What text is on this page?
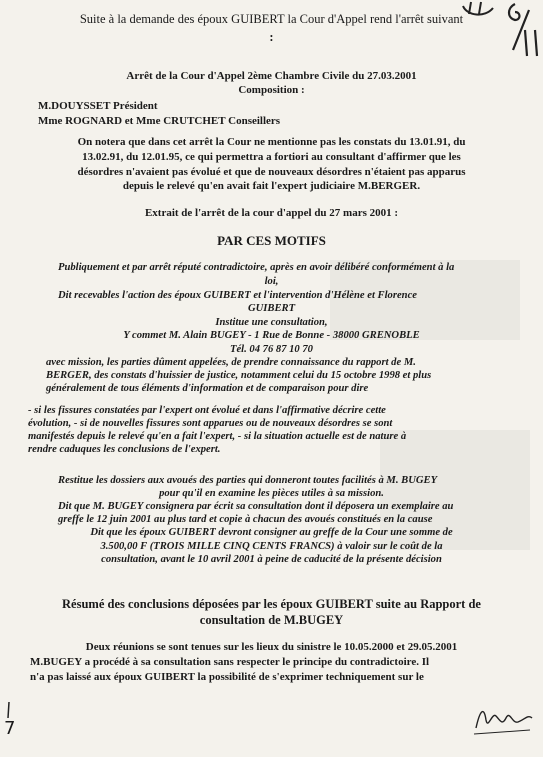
Suite à la demande des époux GUIBERT la Cour d'Appel rend l'arrêt suivant
:
Arrêt de la Cour d'Appel 2ème Chambre Civile du 27.03.2001
Composition :
M.DOUYSSET Président
Mme ROGNARD et Mme CRUTCHET Conseillers
On notera que dans cet arrêt la Cour ne mentionne pas les constats du 13.01.91, du
13.02.91, du 12.01.95, ce qui permettra a fortiori au consultant d'affirmer que les
désordres n'avaient pas évolué et que de nouveaux désordres n'étaient pas apparus
depuis le relevé qu'en avait fait l'expert judiciaire M.BERGER.
Extrait de l'arrêt de la cour d'appel du 27 mars 2001 :
PAR CES MOTIFS
Publiquement et par arrêt réputé contradictoire, après en avoir délibéré conformément à la
loi,
Dit recevables l'action des époux GUIBERT et l'intervention d'Hélène et Florence
GUIBERT
Institue une consultation,
Y commet M. Alain BUGEY - 1 Rue de Bonne - 38000 GRENOBLE
Tél. 04 76 87 10 70
avec mission, les parties dûment appelées, de prendre connaissance du rapport de M.
BERGER, des constats d'huissier de justice, notamment celui du 15 octobre 1998 et plus
généralement de tous éléments d'information et de comparaison pour dire
- si les fissures constatées par l'expert ont évolué et dans l'affirmative décrire cette
évolution, - si de nouvelles fissures sont apparues ou de nouveaux désordres se sont
manifestés depuis le relevé qu'en a fait l'expert, - si la situation actuelle est de nature à
rendre caduques les conclusions de l'expert.
Restitue les dossiers aux avoués des parties qui donneront toutes facilités à M. BUGEY
pour qu'il en examine les pièces utiles à sa mission.
Dit que M. BUGEY consignera par écrit sa consultation dont il déposera un exemplaire au
greffe le 12 juin 2001 au plus tard et copie à chacun des avoués constitués en la cause
Dit que les époux GUIBERT devront consigner au greffe de la Cour une somme de
3.500,00 F (TROIS MILLE CINQ CENTS FRANCS) à valoir sur le coût de la
consultation, avant le 10 avril 2001 à peine de caducité de la présente décision
Résumé des conclusions déposées par les époux GUIBERT suite au Rapport de
consultation de M.BUGEY
Deux réunions se sont tenues sur les lieux du sinistre le 10.05.2000 et 29.05.2001
M.BUGEY a procédé à sa consultation sans respecter le principe du contradictoire. Il
n'a pas laissé aux époux GUIBERT la possibilité de s'exprimer techniquement sur le
7
